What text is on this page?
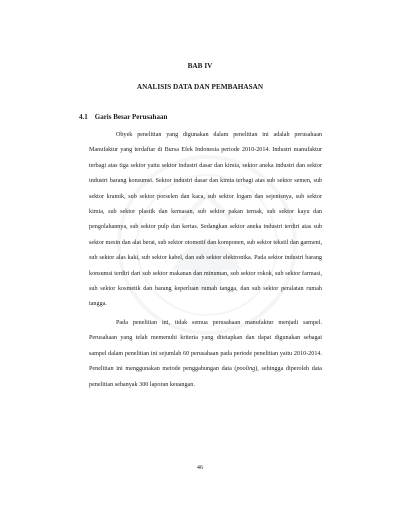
BAB IV
ANALISIS DATA DAN PEMBAHASAN
4.1 Garis Besar Perusahaan

Obyek penelitian yang digunakan dalam penelitian ini adalah perusahaan Manufaktur yang terdaftar di Bursa Efek Indonesia periode 2010-2014. Industri manufaktur terbagi atas tiga sektor yaitu sektor industri dasar dan kimia, sektor aneka industri dan sektor industri barang konsumsi. Sektor industri dasar dan kimia terbagi atas sub sektor semen, sub sektor kramik, sub sektor porselen dan kaca, sub sektor logam dan sejenisnya, sub sektor kimia, sub sektor plastik dan kemasan, sub sektor pakan ternak, sub sektor kayu dan pengolahannya, sub sektor pulp dan kertas. Sedangkan sektor aneka industri terdiri atas sub sektor mesin dan alat berat, sub sektor otomotif dan komponen, sub sektor tekstil dan garment, sub sektor alas kaki, sub sektor kabel, dan sub sektor elektronika. Pada sektor industri barang konsumsi terdiri dari sub sektor makanan dan minuman, sub sektor rokok, sub sektor farmasi, sub sektor kosmetik dan barang keperluan rumah tangga, dan sub sektor peralatan rumah tangga.

Pada penelitian ini, tidak semua perusahaan manufaktur menjadi sampel. Perusahaan yang telah memenuhi kriteria yang ditetapkan dan dapat digunakan sebagai sampel dalam penelitian ini sejumlah 60 perusahaan pada periode penelitian yaitu 2010-2014. Penelitian ini menggunakan metode penggabungan data (pooling), sehingga diperoleh data penelitian sebanyak 300 laporan keuangan.

46
